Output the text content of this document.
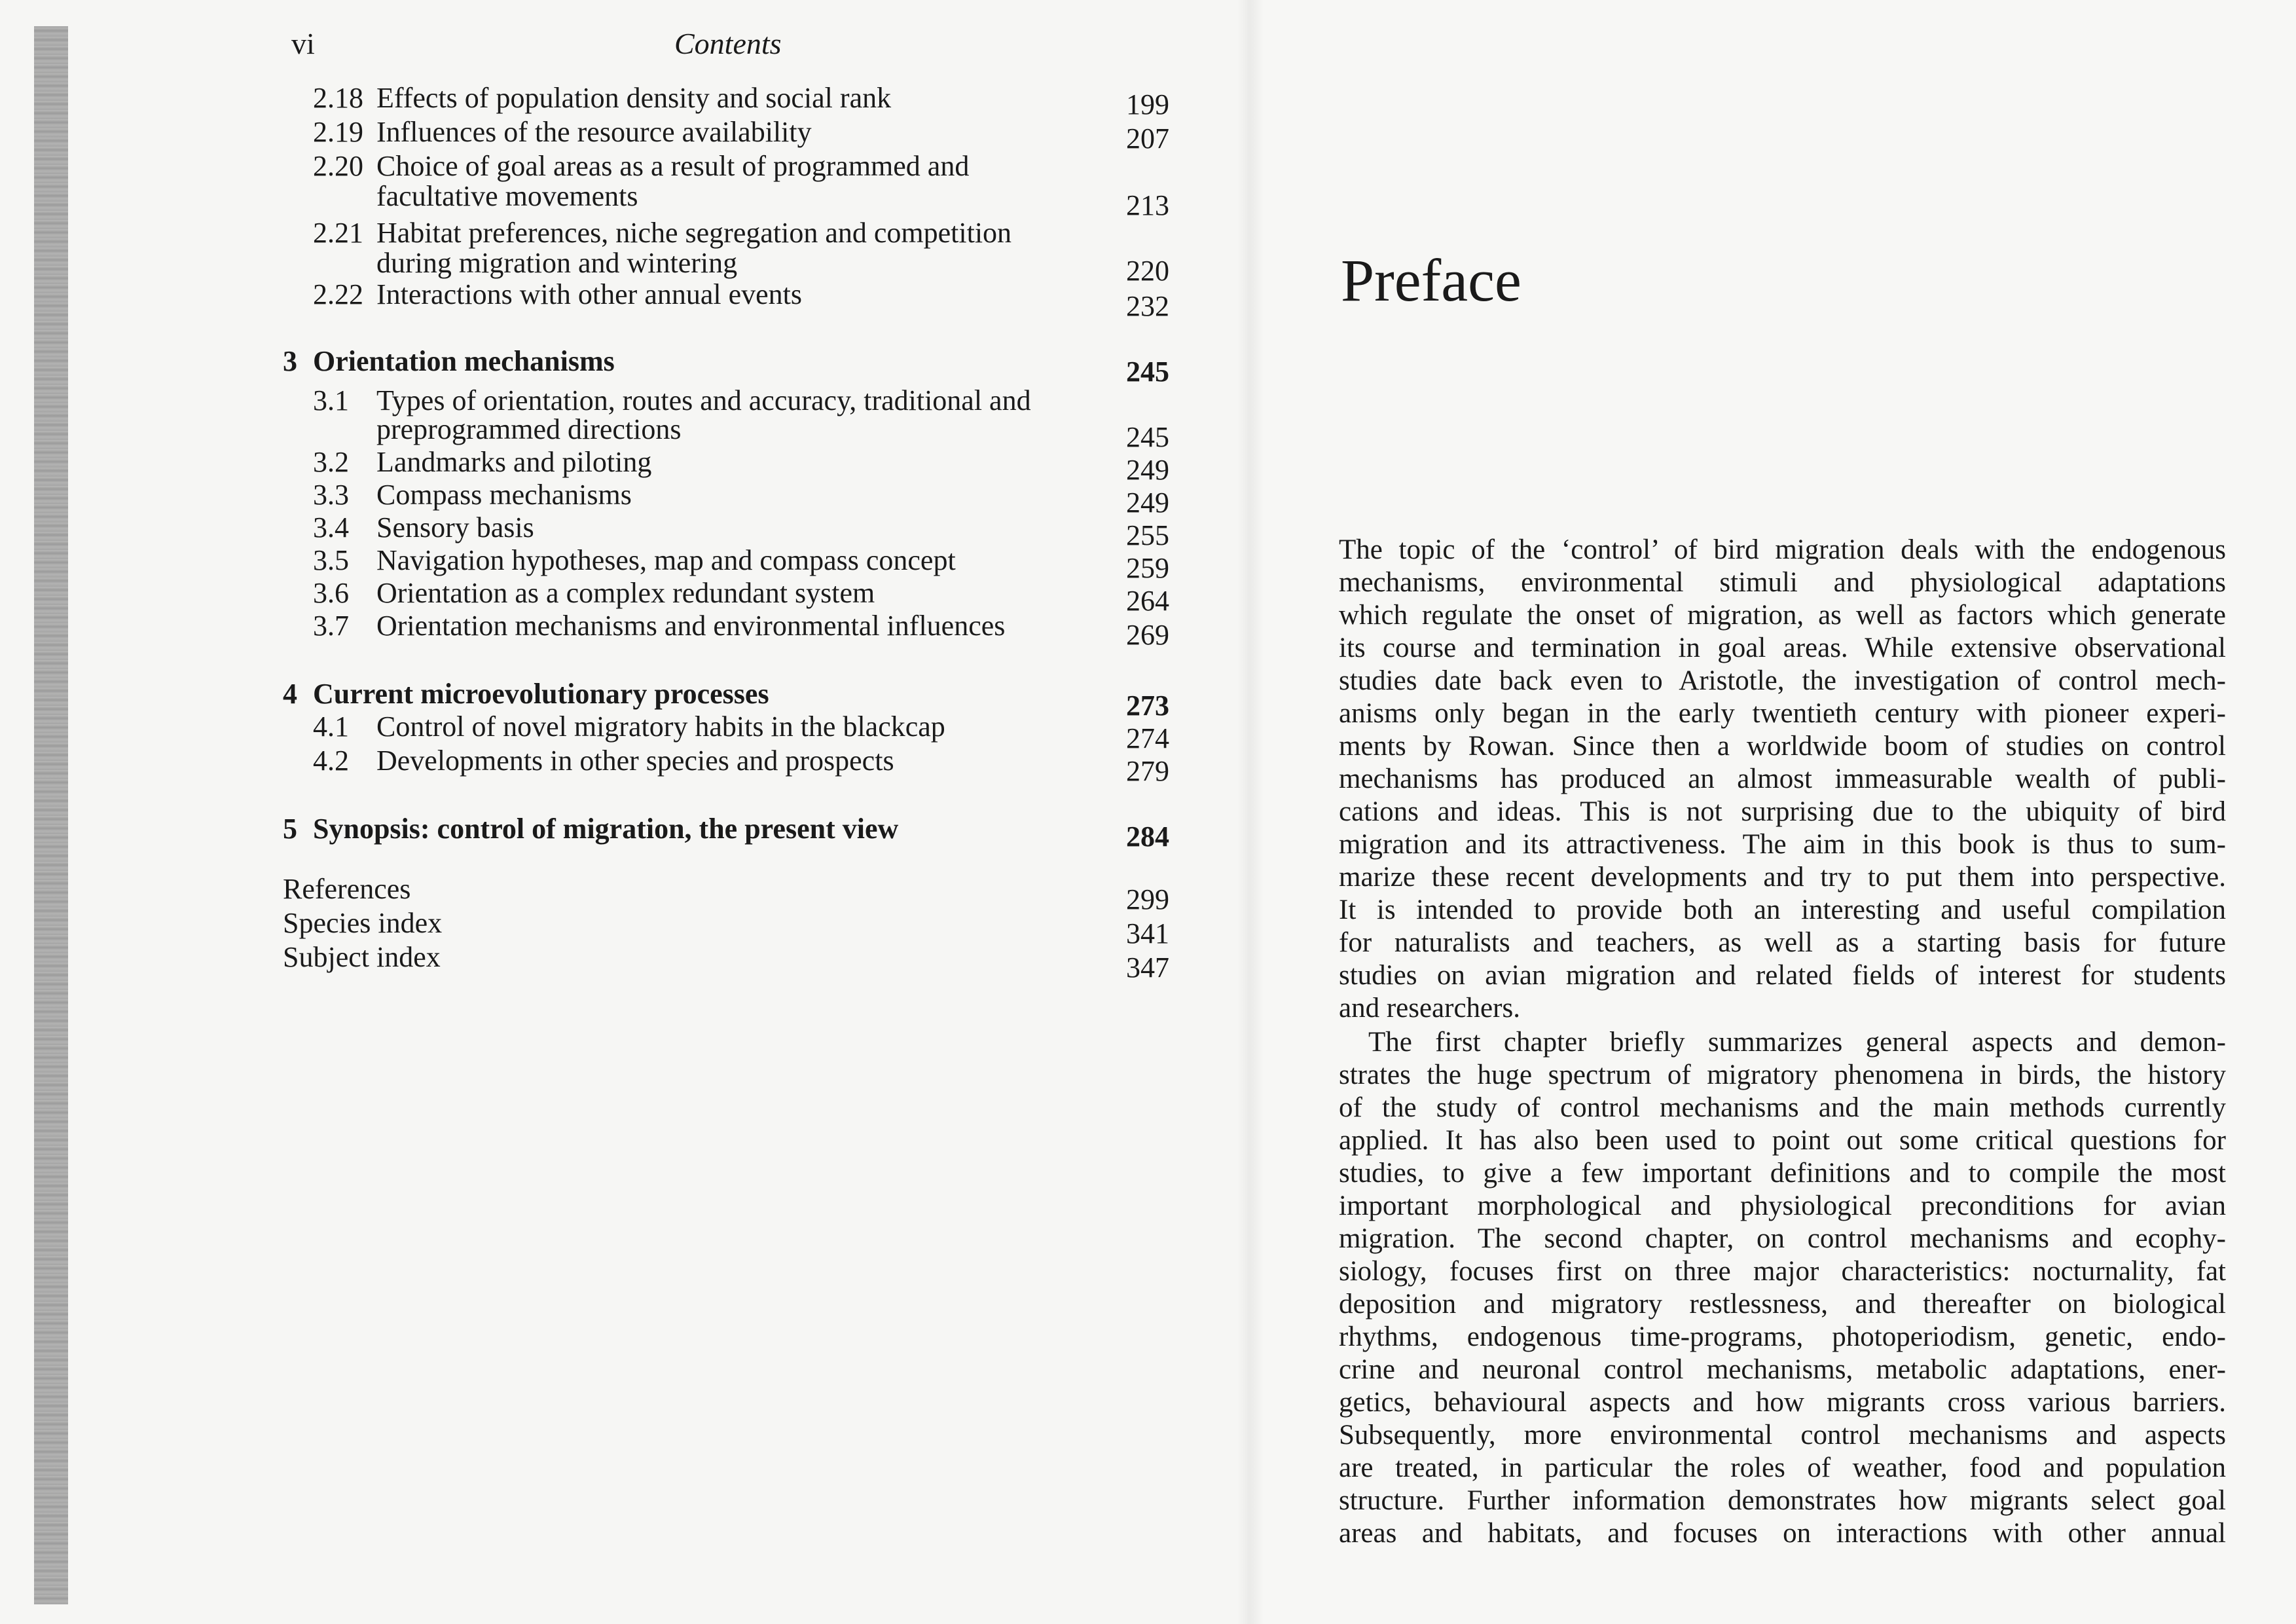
vi	Contents
2.18 Effects of population density and social rank	199
2.19 Influences of the resource availability	207
2.20 Choice of goal areas as a result of programmed and
facultative movements	213
2.21 Habitat preferences, niche segregation and competition
during migration and wintering	220
2.22 Interactions with other annual events	232
3 Orientation mechanisms	245
3.1 Types of orientation, routes and accuracy, traditional and
preprogrammed directions	245
3.2 Landmarks and piloting	249
3.3 Compass mechanisms	249
3.4 Sensory basis	255
3.5 Navigation hypotheses, map and compass concept	259
3.6 Orientation as a complex redundant system	264
3.7 Orientation mechanisms and environmental influences	269
4 Current microevolutionary processes	273
4.1 Control of novel migratory habits in the blackcap	274
4.2 Developments in other species and prospects	279
5 Synopsis: control of migration, the present view	284
References	299
Species index	341
Subject index	347
Preface
The topic of the ‘control’ of bird migration deals with the endogenous
mechanisms, environmental stimuli and physiological adaptations
which regulate the onset of migration, as well as factors which generate
its course and termination in goal areas. While extensive observational
studies date back even to Aristotle, the investigation of control mech-
anisms only began in the early twentieth century with pioneer experi-
ments by Rowan. Since then a worldwide boom of studies on control
mechanisms has produced an almost immeasurable wealth of publi-
cations and ideas. This is not surprising due to the ubiquity of bird
migration and its attractiveness. The aim in this book is thus to sum-
marize these recent developments and try to put them into perspective.
It is intended to provide both an interesting and useful compilation
for naturalists and teachers, as well as a starting basis for future
studies on avian migration and related fields of interest for students
and researchers.
The first chapter briefly summarizes general aspects and demon-
strates the huge spectrum of migratory phenomena in birds, the history
of the study of control mechanisms and the main methods currently
applied. It has also been used to point out some critical questions for
studies, to give a few important definitions and to compile the most
important morphological and physiological preconditions for avian
migration. The second chapter, on control mechanisms and ecophy-
siology, focuses first on three major characteristics: nocturnality, fat
deposition and migratory restlessness, and thereafter on biological
rhythms, endogenous time-programs, photoperiodism, genetic, endo-
crine and neuronal control mechanisms, metabolic adaptations, ener-
getics, behavioural aspects and how migrants cross various barriers.
Subsequently, more environmental control mechanisms and aspects
are treated, in particular the roles of weather, food and population
structure. Further information demonstrates how migrants select goal
areas and habitats, and focuses on interactions with other annual
